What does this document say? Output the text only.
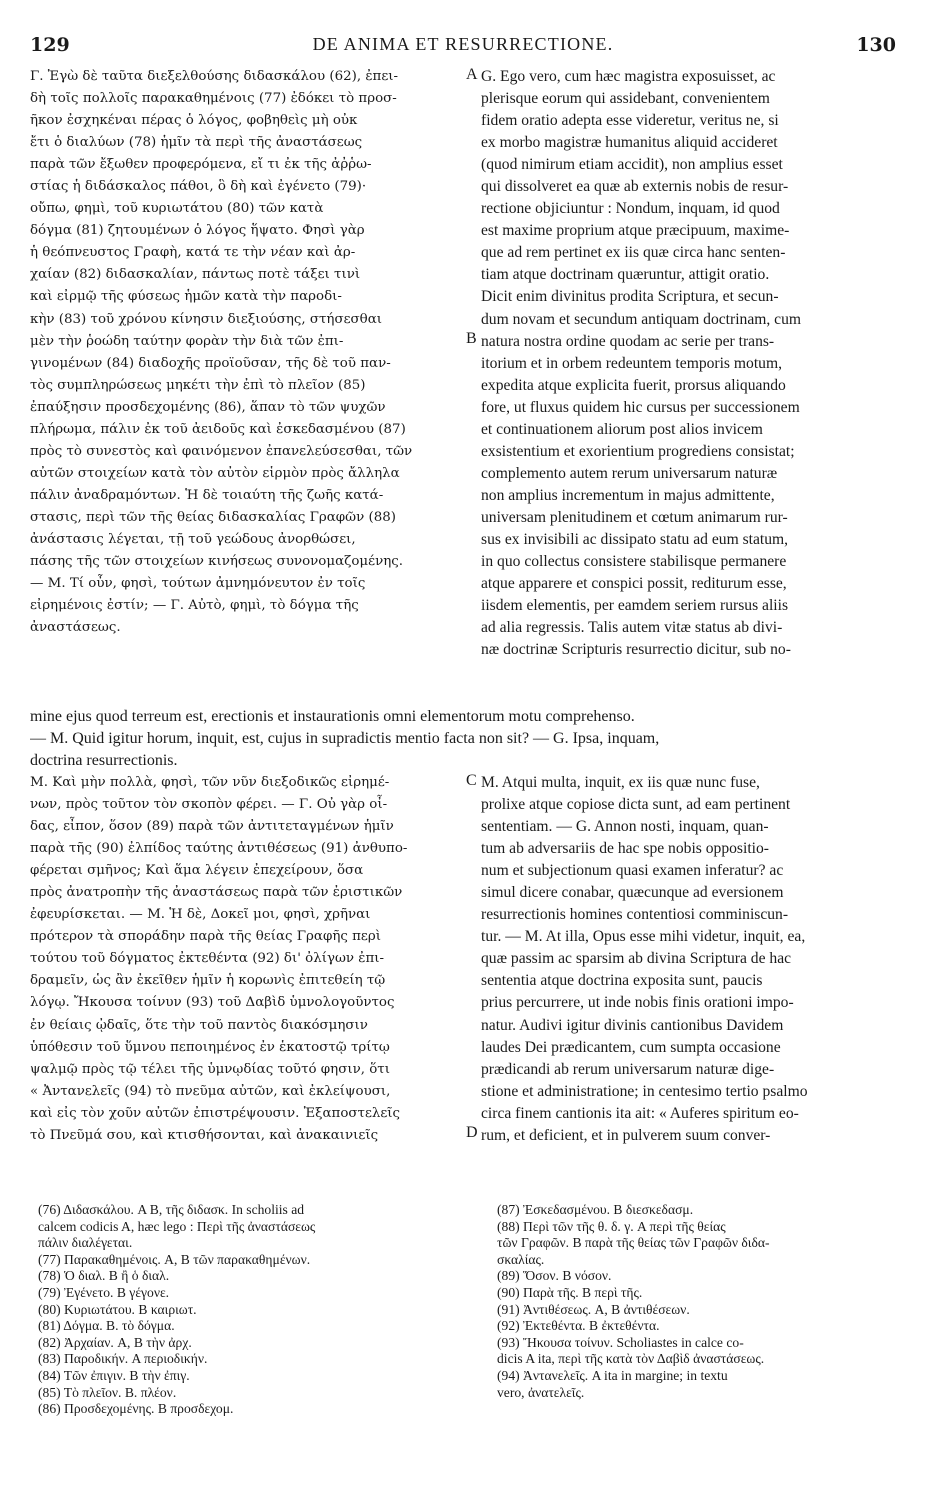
129	DE ANIMA ET RESURRECTIONE.	130
Γ. Ἐγὼ δὲ ταῦτα διεξελθούσης διδασκάλου (62), ἐπει-
δὴ τοῖς πολλοῖς παρακαθημένοις (77) ἐδόκει τὸ προσ-
ῆκον ἐσχηκέναι πέρας ὁ λόγος, φοβηθεὶς μὴ οὐκ
ἔτι ὁ διαλύων (78) ἡμῖν τὰ περὶ τῆς ἀναστάσεως
παρὰ τῶν ἔξωθεν προφερόμενα, εἴ τι ἐκ τῆς ἀῤῥω-
στίας ἡ διδάσκαλος πάθοι, ὃ δὴ καὶ ἐγένετο (79)·
οὔπω, φημὶ, τοῦ κυριωτάτου (80) τῶν κατὰ
δόγμα (81) ζητουμένων ὁ λόγος ἥψατο. Φησὶ γὰρ
ἡ θεόπνευστος Γραφὴ, κατά τε τὴν νέαν καὶ ἀρ-
χαίαν (82) διδασκαλίαν, πάντως ποτὲ τάξει τινὶ
καὶ εἰρμῷ τῆς φύσεως ἡμῶν κατὰ τὴν παροδι-
κὴν (83) τοῦ χρόνου κίνησιν διεξιούσης, στήσεσθαι
μὲν τὴν ῥοώδη ταύτην φορὰν τὴν διὰ τῶν ἐπι-
γινομένων (84) διαδοχῆς προϊοῦσαν, τῆς δὲ τοῦ παν-
τὸς συμπληρώσεως μηκέτι τὴν ἐπὶ τὸ πλεῖον (85)
ἐπαύξησιν προσδεχομένης (86), ἅπαν τὸ τῶν ψυχῶν
πλήρωμα, πάλιν ἐκ τοῦ ἀειδοῦς καὶ ἐσκεδασμένου (87)
πρὸς τὸ συνεστὸς καὶ φαινόμενον ἐπανελεύσεσθαι, τῶν
αὐτῶν στοιχείων κατὰ τὸν αὐτὸν εἱρμὸν πρὸς ἄλληλα
πάλιν ἀναδραμόντων. Ἡ δὲ τοιαύτη τῆς ζωῆς κατά-
στασις, περὶ τῶν τῆς θείας διδασκαλίας Γραφῶν (88)
ἀνάστασις λέγεται, τῇ τοῦ γεώδους ἀνορθώσει,
πάσης τῆς τῶν στοιχείων κινήσεως συνονομαζομένης.
— Μ. Τί οὖν, φησὶ, τούτων ἀμνημόνευτον ἐν τοῖς
εἰρημένοις ἐστίν; — Γ. Αὐτὸ, φημὶ, τὸ δόγμα τῆς
ἀναστάσεως.
G. Ego vero, cum hæc magistra exposuisset, ac
plerisque eorum qui assidebant, convenientem
fidem oratio adepta esse videretur, veritus ne, si
ex morbo magistræ humanitus aliquid accideret
(quod nimirum etiam accidit), non amplius esset
qui dissolveret ea quæ ab externis nobis de resur-
rectione objiciuntur : Nondum, inquam, id quod
est maxime proprium atque præcipuum, maxime-
que ad rem pertinet ex iis quæ circa hanc senten-
tiam atque doctrinam quæruntur, attigit oratio.
Dicit enim divinitus prodita Scriptura, et secun-
dum novam et secundum antiquam doctrinam, cum
natura nostra ordine quodam ac serie per trans-
itorium et in orbem redeuntem temporis motum,
expedita atque explicita fuerit, prorsus aliquando
fore, ut fluxus quidem hic cursus per successionem
et continuationem aliorum post alios invicem
exsistentium et exorientium progrediens consistat;
complemento autem rerum universarum naturæ
non amplius incrementum in majus admittente,
universam plenitudinem et cœtum animarum rur-
sus ex invisibili ac dissipato statu ad eum statum,
in quo collectus consistere stabilisque permanere
atque apparere et conspici possit, rediturum esse,
iisdem elementis, per eamdem seriem rursus aliis
ad alia regressis. Talis autem vitæ status ab divi-
næ doctrinæ Scripturis resurrectio dicitur, sub no-
A
B
mine ejus quod terreum est, erectionis et instaurationis omni elementorum motu comprehenso.
— M. Quid igitur horum, inquit, est, cujus in supradictis mentio facta non sit? — G. Ipsa, inquam,
doctrina resurrectionis.
Μ. Καὶ μὴν πολλὰ, φησὶ, τῶν νῦν διεξοδικῶς εἰρημέ-
νων, πρὸς τοῦτον τὸν σκοπὸν φέρει. — Γ. Οὐ γὰρ οἶ-
δας, εἶπον, ὅσον (89) παρὰ τῶν ἀντιτεταγμένων ἡμῖν
παρὰ τῆς (90) ἐλπίδος ταύτης ἀντιθέσεως (91) ἀνθυπο-
φέρεται σμῆνος; Καὶ ἅμα λέγειν ἐπεχείρουν, ὅσα
πρὸς ἀνατροπὴν τῆς ἀναστάσεως παρὰ τῶν ἐριστικῶν
ἐφευρίσκεται. — Μ. Ἡ δὲ, Δοκεῖ μοι, φησὶ, χρῆναι
πρότερον τὰ σποράδην παρὰ τῆς θείας Γραφῆς περὶ
τούτου τοῦ δόγματος ἐκτεθέντα (92) δι' ὀλίγων ἐπι-
δραμεῖν, ὡς ἂν ἐκεῖθεν ἡμῖν ἡ κορωνὶς ἐπιτεθείη τῷ
λόγῳ. Ἤκουσα τοίνυν (93) τοῦ Δαβὶδ ὑμνολογοῦντος
ἐν θείαις ᾠδαῖς, ὅτε τὴν τοῦ παντὸς διακόσμησιν
ὑπόθεσιν τοῦ ὕμνου πεποιημένος ἐν ἑκατοστῷ τρίτῳ
ψαλμῷ πρὸς τῷ τέλει τῆς ὑμνῳδίας τοῦτό φησιν, ὅτι
« Ἀντανελεῖς (94) τὸ πνεῦμα αὐτῶν, καὶ ἐκλείψουσι,
καὶ εἰς τὸν χοῦν αὐτῶν ἐπιστρέψουσιν. Ἐξαποστελεῖς
τὸ Πνεῦμά σου, καὶ κτισθήσονται, καὶ ἀνακαινιεῖς
M. Atqui multa, inquit, ex iis quæ nunc fuse,
prolixe atque copiose dicta sunt, ad eam pertinent
sententiam. — G. Annon nosti, inquam, quan-
tum ab adversariis de hac spe nobis oppositio-
num et subjectionum quasi examen inferatur? ac
simul dicere conabar, quæcunque ad eversionem
resurrectionis homines contentiosi comminiscun-
tur. — M. At illa, Opus esse mihi videtur, inquit, ea,
quæ passim ac sparsim ab divina Scriptura de hac
sententia atque doctrina exposita sunt, paucis
prius percurrere, ut inde nobis finis orationi impo-
natur. Audivi igitur divinis cantionibus Davidem
laudes Dei prædicantem, cum sumpta occasione
prædicandi ab rerum universarum naturæ dige-
stione et administratione; in centesimo tertio psalmo
circa finem cantionis ita ait: « Auferes spiritum eo-
rum, et deficient, et in pulverem suum conver-
C
D
(76) Διδασκάλου. A B, τῆς διδασκ. In scholiis ad
calcem codicis A, hæc lego : Περὶ τῆς ἀναστάσεως
πάλιν διαλέγεται.
(77) Παρακαθημένοις. A, B τῶν παρακαθημένων.
(78) Ὁ διαλ. B ἢ ὁ διαλ.
(79) Ἐγένετο. B γέγονε.
(80) Κυριωτάτου. B καιριωτ.
(81) Δόγμα. B. τὸ δόγμα.
(82) Ἀρχαίαν. A, B τὴν ἀρχ.
(83) Παροδικήν. A περιοδικήν.
(84) Τῶν ἐπιγιν. B τὴν ἐπιγ.
(85) Τὸ πλεῖον. B. πλέον.
(86) Προσδεχομένης. B προσδεχομ.
(87) Ἐσκεδασμένου. B διεσκεδασμ.
(88) Περὶ τῶν τῆς θ. δ. γ. A περὶ τῆς θείας
τῶν Γραφῶν. B παρὰ τῆς θείας τῶν Γραφῶν διδα-
σκαλίας.
(89) Ὅσον. B νόσον.
(90) Παρὰ τῆς. B περὶ τῆς.
(91) Ἀντιθέσεως. A, B ἀντιθέσεων.
(92) Ἐκτεθέντα. B ἐκτεθέντα.
(93) Ἤκουσα τοίνυν. Scholiastes in calce co-
dicis A ita, περὶ τῆς κατὰ τὸν Δαβὶδ ἀναστάσεως.
(94) Ἀντανελεῖς. A ita in margine; in textu
vero, ἀνατελεῖς.
